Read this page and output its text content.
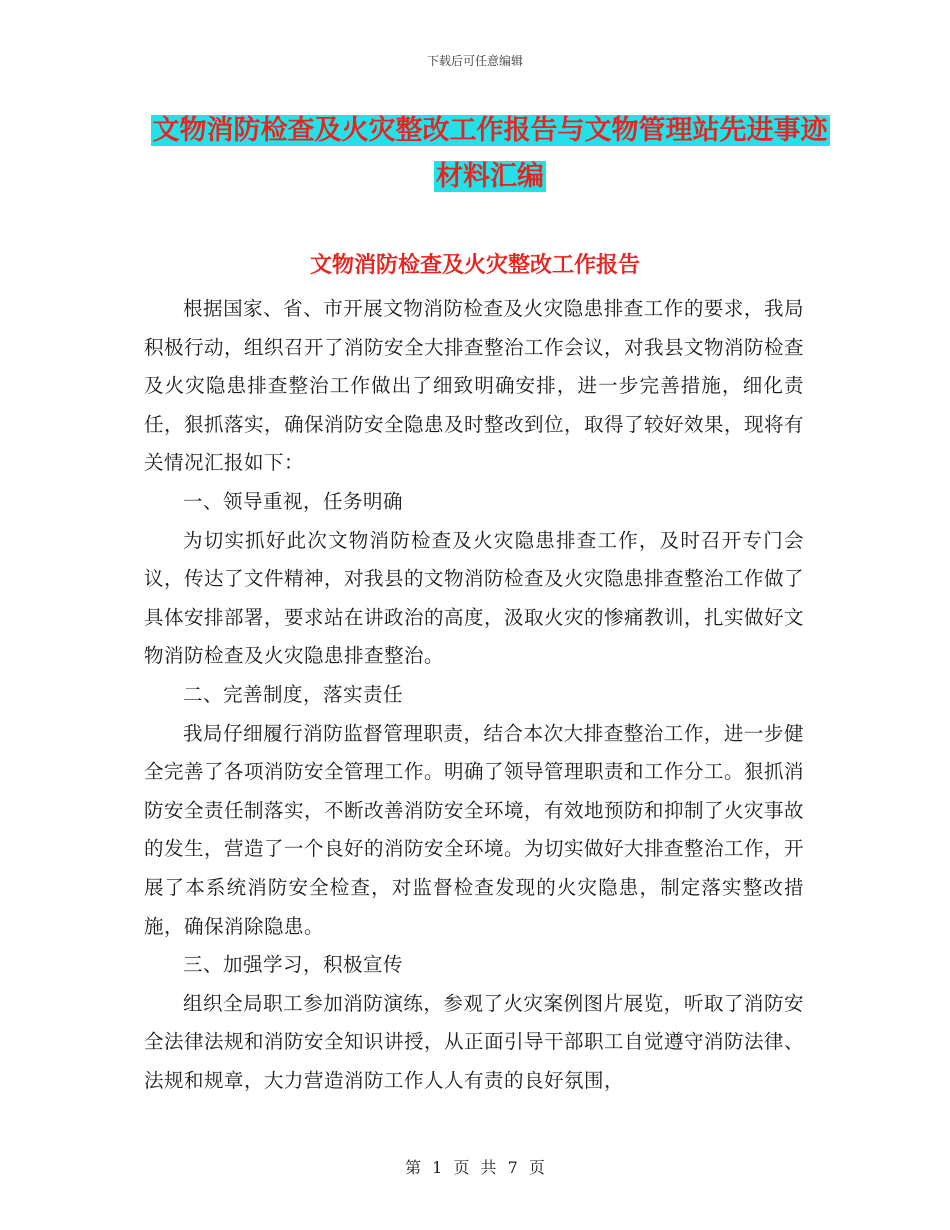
下载后可任意编辑
文物消防检查及火灾整改工作报告与文物管理站先进事迹材料汇编
文物消防检查及火灾整改工作报告

根据国家、省、市开展文物消防检查及火灾隐患排查工作的要求，我局积极行动，组织召开了消防安全大排查整治工作会议，对我县文物消防检查及火灾隐患排查整治工作做出了细致明确安排，进一步完善措施，细化责任，狠抓落实，确保消防安全隐患及时整改到位，取得了较好效果，现将有关情况汇报如下：

一、领导重视，任务明确

为切实抓好此次文物消防检查及火灾隐患排查工作，及时召开专门会议，传达了文件精神，对我县的文物消防检查及火灾隐患排查整治工作做了具体安排部署，要求站在讲政治的高度，汲取火灾的惨痛教训，扎实做好文物消防检查及火灾隐患排查整治。

二、完善制度，落实责任

我局仔细履行消防监督管理职责，结合本次大排查整治工作，进一步健全完善了各项消防安全管理工作。明确了领导管理职责和工作分工。狠抓消防安全责任制落实，不断改善消防安全环境，有效地预防和抑制了火灾事故的发生，营造了一个良好的消防安全环境。为切实做好大排查整治工作，开展了本系统消防安全检查，对监督检查发现的火灾隐患，制定落实整改措施，确保消除隐患。

三、加强学习，积极宣传

组织全局职工参加消防演练，参观了火灾案例图片展览，听取了消防安全法律法规和消防安全知识讲授，从正面引导干部职工自觉遵守消防法律、法规和规章，大力营造消防工作人人有责的良好氛围，

第 1 页 共 7 页
